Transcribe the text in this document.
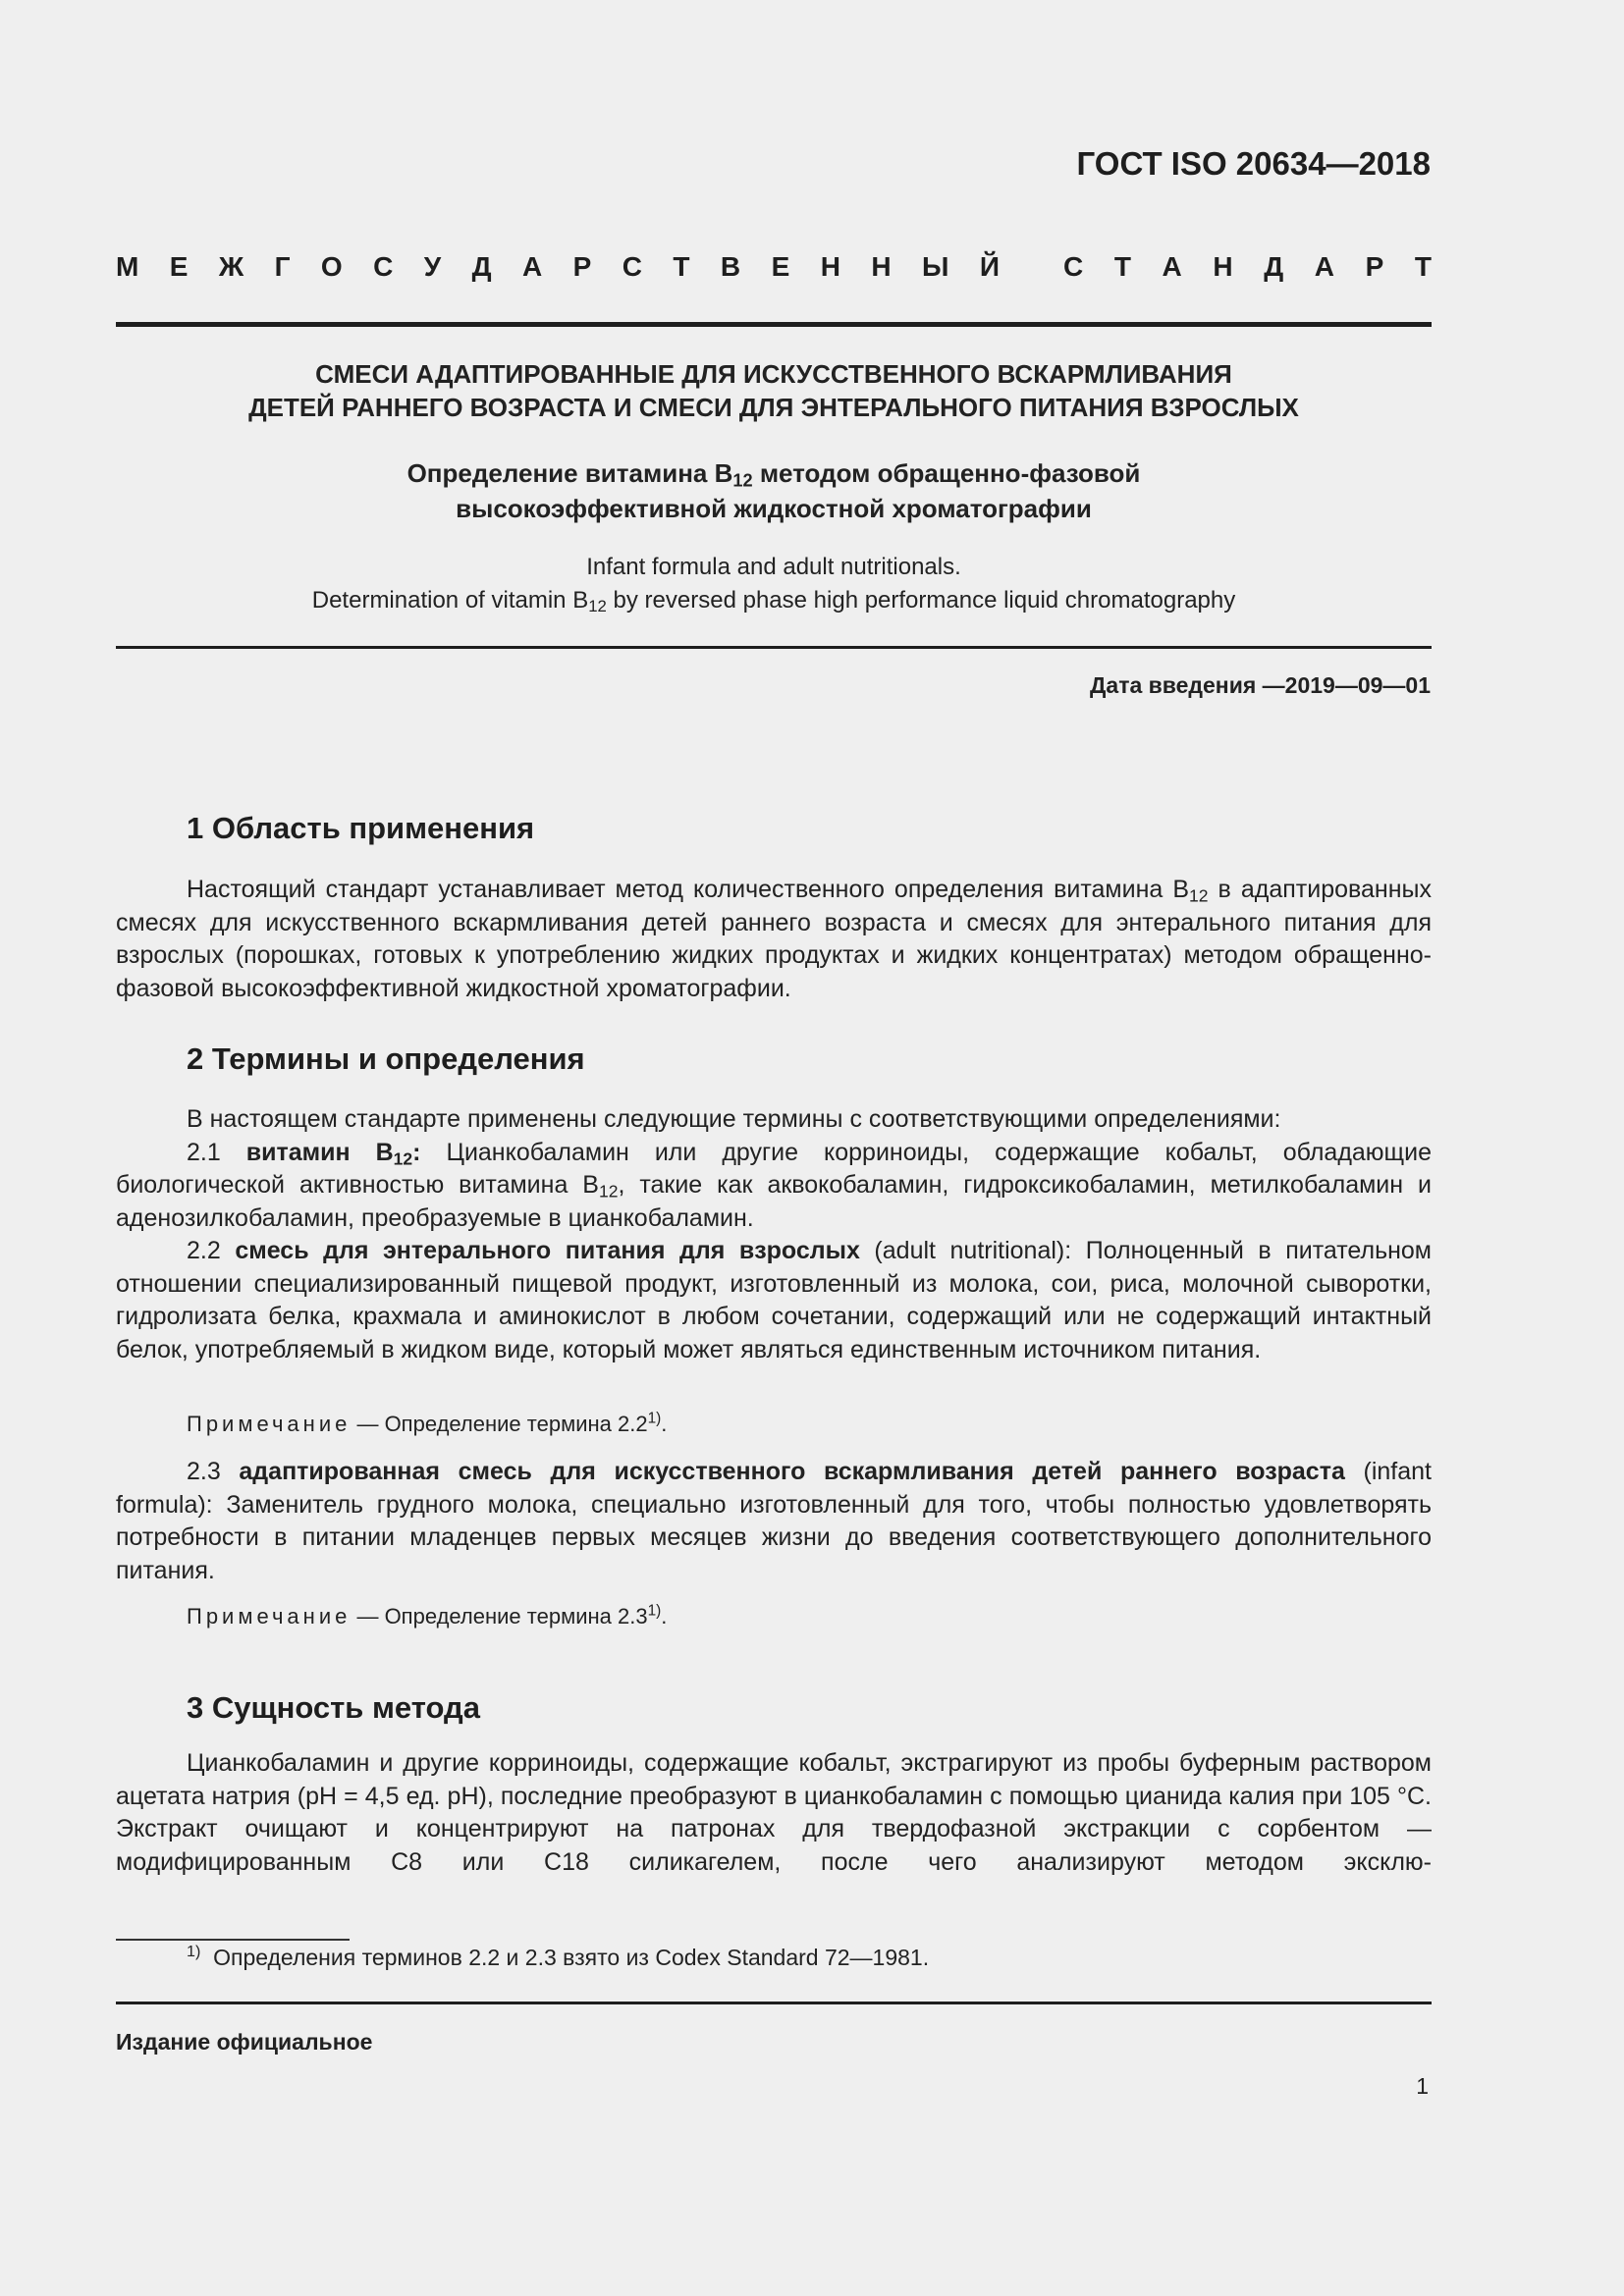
ГОСТ ISO 20634—2018
М Е Ж Г О С У Д А Р С Т В Е Н Н Ы Й С Т А Н Д А Р Т
СМЕСИ АДАПТИРОВАННЫЕ ДЛЯ ИСКУССТВЕННОГО ВСКАРМЛИВАНИЯ
ДЕТЕЙ РАННЕГО ВОЗРАСТА И СМЕСИ ДЛЯ ЭНТЕРАЛЬНОГО ПИТАНИЯ ВЗРОСЛЫХ
Определение витамина $В_{12}$ методом обращенно-фазовой
высокоэффективной жидкостной хроматографии
Infant formula and adult nutritionals.
Determination of vitamin $B_{12}$ by reversed phase high performance liquid chromatography
Дата введения —2019—09—01
1 Область применения

Настоящий стандарт устанавливает метод количественного определения витамина $В_{12}$ в адаптированных смесях для искусственного вскармливания детей раннего возраста и смесях для энтерального питания для взрослых (порошках, готовых к употреблению жидких продуктах и жидких концентратах) методом обращенно-фазовой высокоэффективной жидкостной хроматографии.

2 Термины и определения

В настоящем стандарте применены следующие термины с соответствующими определениями:

2.1 витамин $В_{12}$: Цианкобаламин или другие корриноиды, содержащие кобальт, обладающие биологической активностью витамина $В_{12}$, такие как аквокобаламин, гидроксикобаламин, метилкобаламин и аденозилкобаламин, преобразуемые в цианкобаламин.

2.2 смесь для энтерального питания для взрослых (adult nutritional): Полноценный в питательном отношении специализированный пищевой продукт, изготовленный из молока, сои, риса, молочной сыворотки, гидролизата белка, крахмала и аминокислот в любом сочетании, содержащий или не содержащий интактный белок, употребляемый в жидком виде, который может являться единственным источником питания.

Примечание — Определение термина 2.2$^{1)}$.

2.3 адаптированная смесь для искусственного вскармливания детей раннего возраста (infant formula): Заменитель грудного молока, специально изготовленный для того, чтобы полностью удовлетворять потребности в питании младенцев первых месяцев жизни до введения соответствующего дополнительного питания.

Примечание — Определение термина 2.3$^{1)}$.
3 Сущность метода

Цианкобаламин и другие корриноиды, содержащие кобальт, экстрагируют из пробы буферным раствором ацетата натрия (pH = 4,5 ед. pH), последние преобразуют в цианкобаламин с помощью цианида калия при 105 °С. Экстракт очищают и концентрируют на патронах для твердофазной экстракции с сорбентом — модифицированным С8 или С18 силикагелем, после чего анализируют методом эксклю-

$^{1)}$ Определения терминов 2.2 и 2.3 взято из Codex Standard 72—1981.
Издание официальное
1
